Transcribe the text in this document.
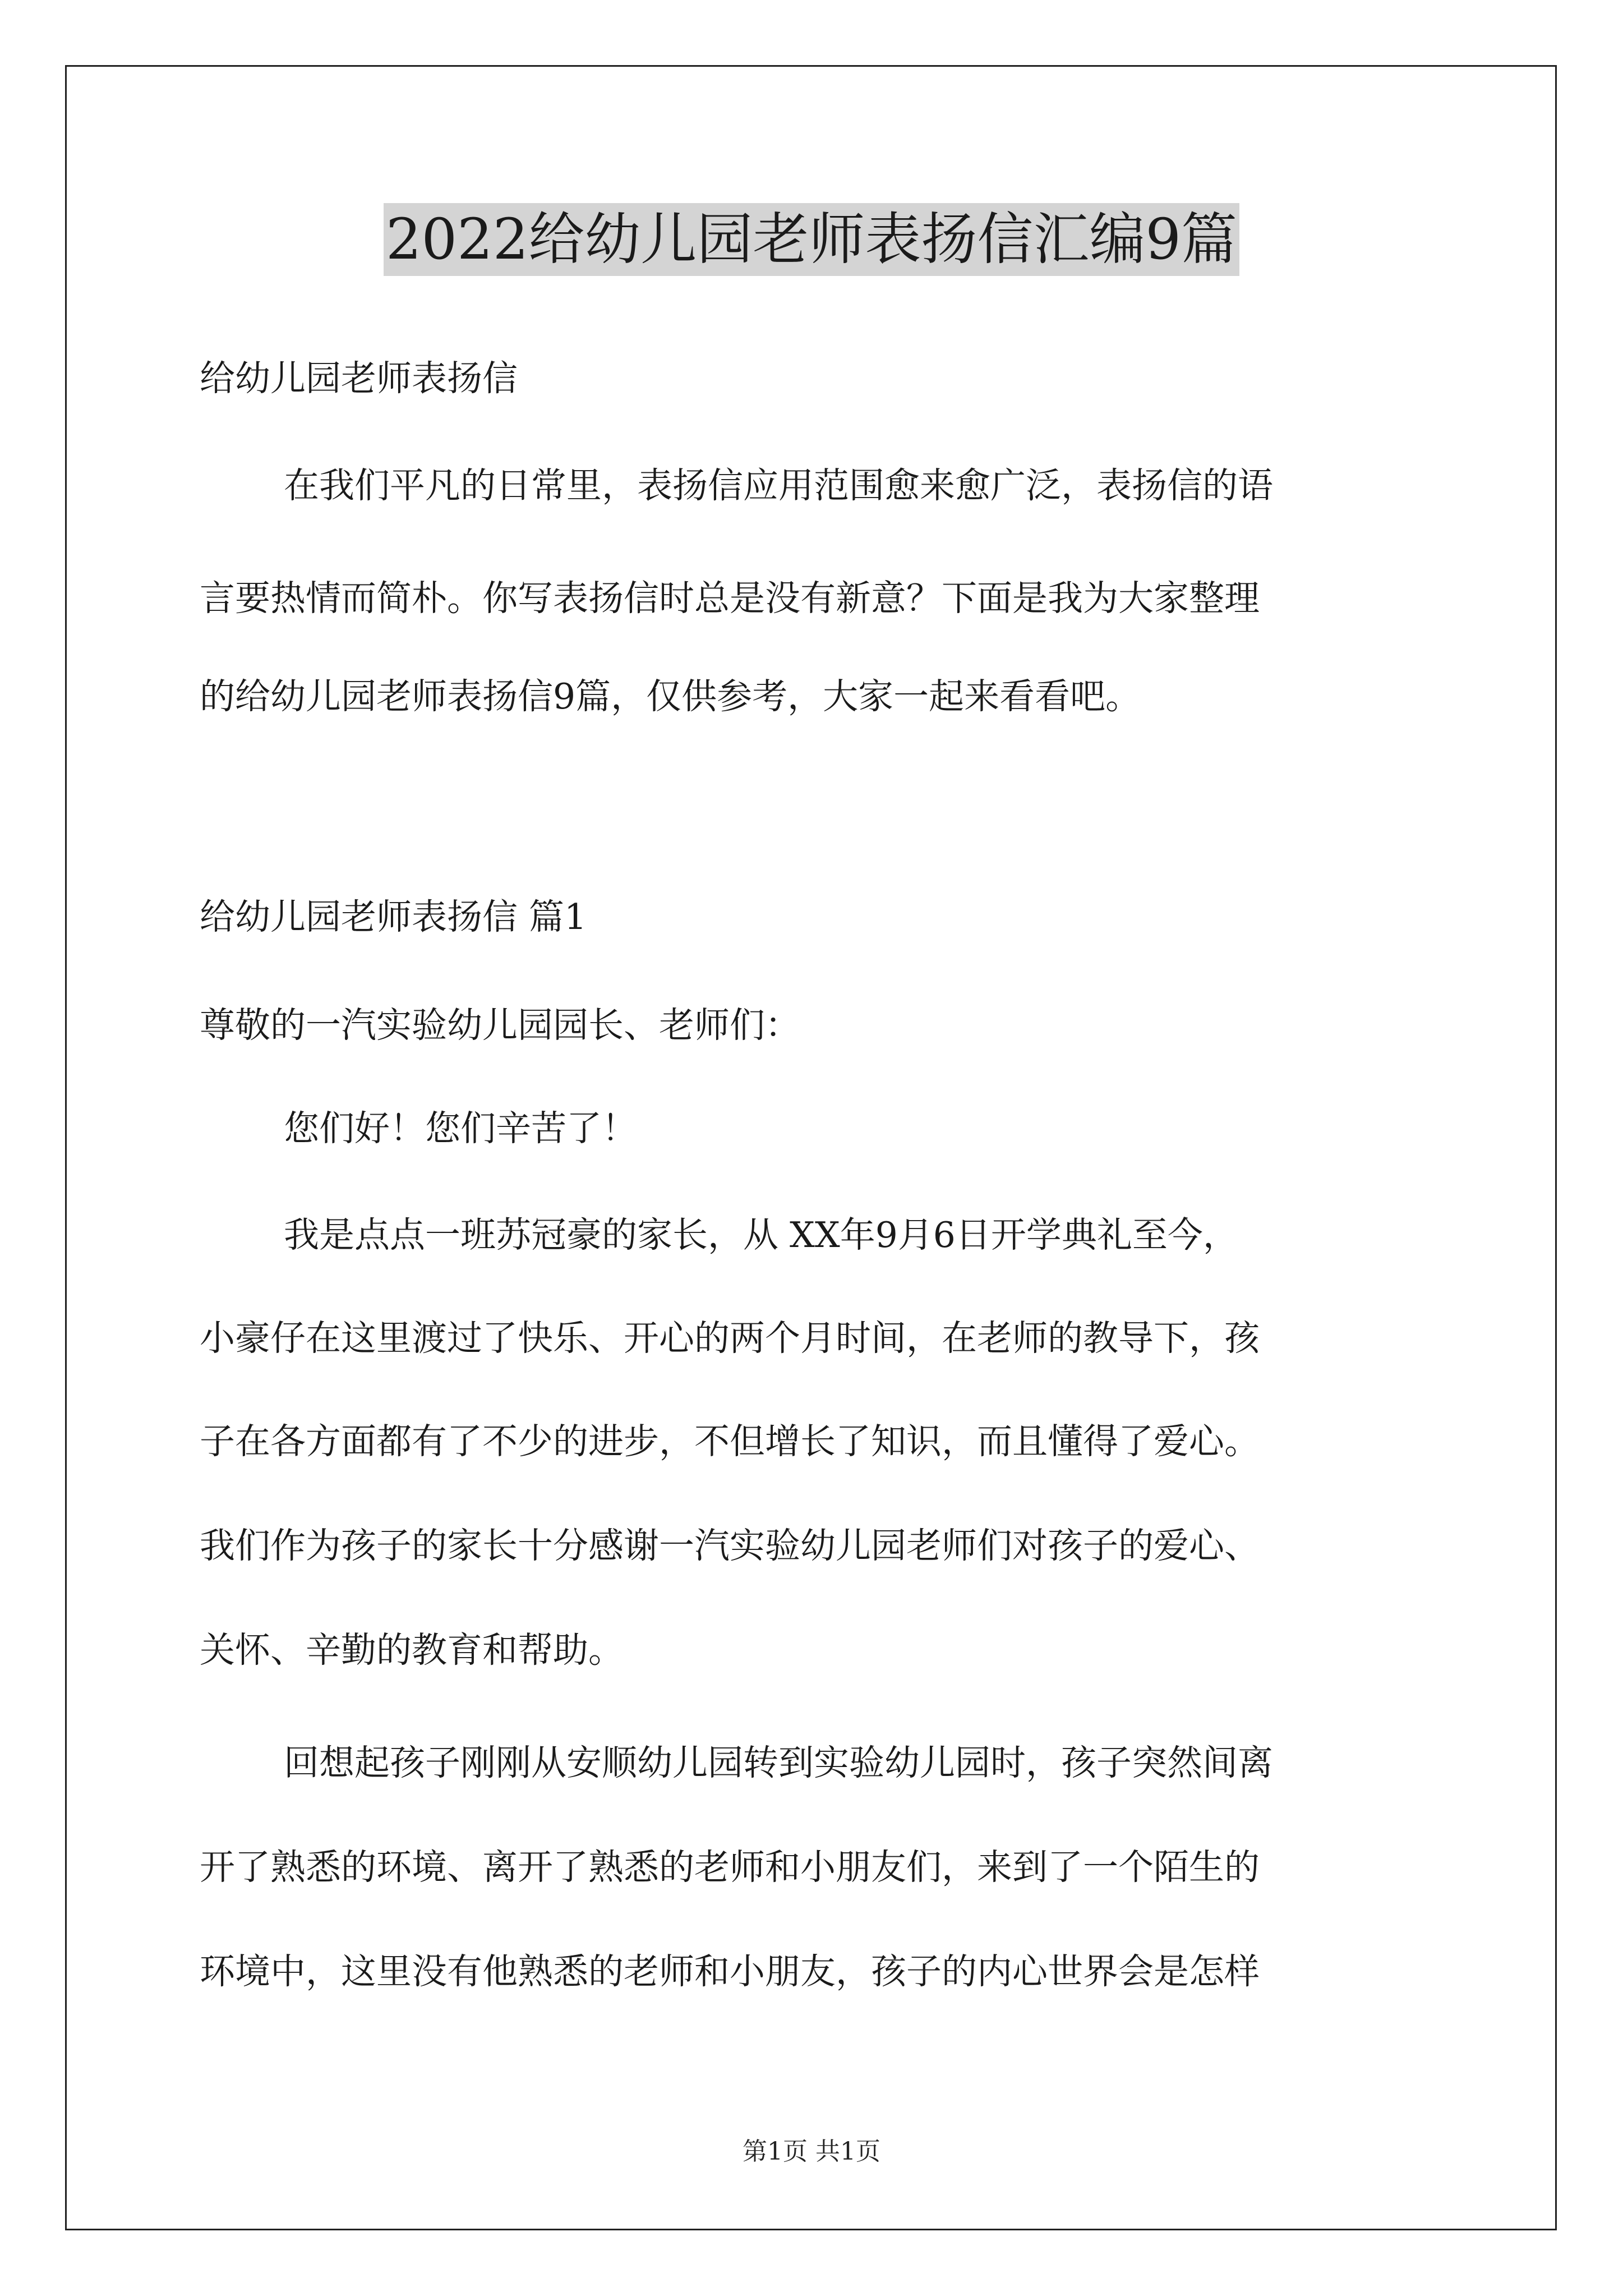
2022给幼儿园老师表扬信汇编9篇
给幼儿园老师表扬信
在我们平凡的日常里，表扬信应用范围愈来愈广泛，表扬信的语
言要热情而简朴。你写表扬信时总是没有新意？下面是我为大家整理
的给幼儿园老师表扬信9篇，仅供参考，大家一起来看看吧。
给幼儿园老师表扬信 篇1
尊敬的一汽实验幼儿园园长、老师们：
您们好！您们辛苦了！
我是点点一班苏冠豪的家长，从 XX年9月6日开学典礼至今，
小豪仔在这里渡过了快乐、开心的两个月时间，在老师的教导下，孩
子在各方面都有了不少的进步，不但增长了知识，而且懂得了爱心。
我们作为孩子的家长十分感谢一汽实验幼儿园老师们对孩子的爱心、
关怀、辛勤的教育和帮助。
回想起孩子刚刚从安顺幼儿园转到实验幼儿园时，孩子突然间离
开了熟悉的环境、离开了熟悉的老师和小朋友们，来到了一个陌生的
环境中，这里没有他熟悉的老师和小朋友，孩子的内心世界会是怎样
第1页 共1页
